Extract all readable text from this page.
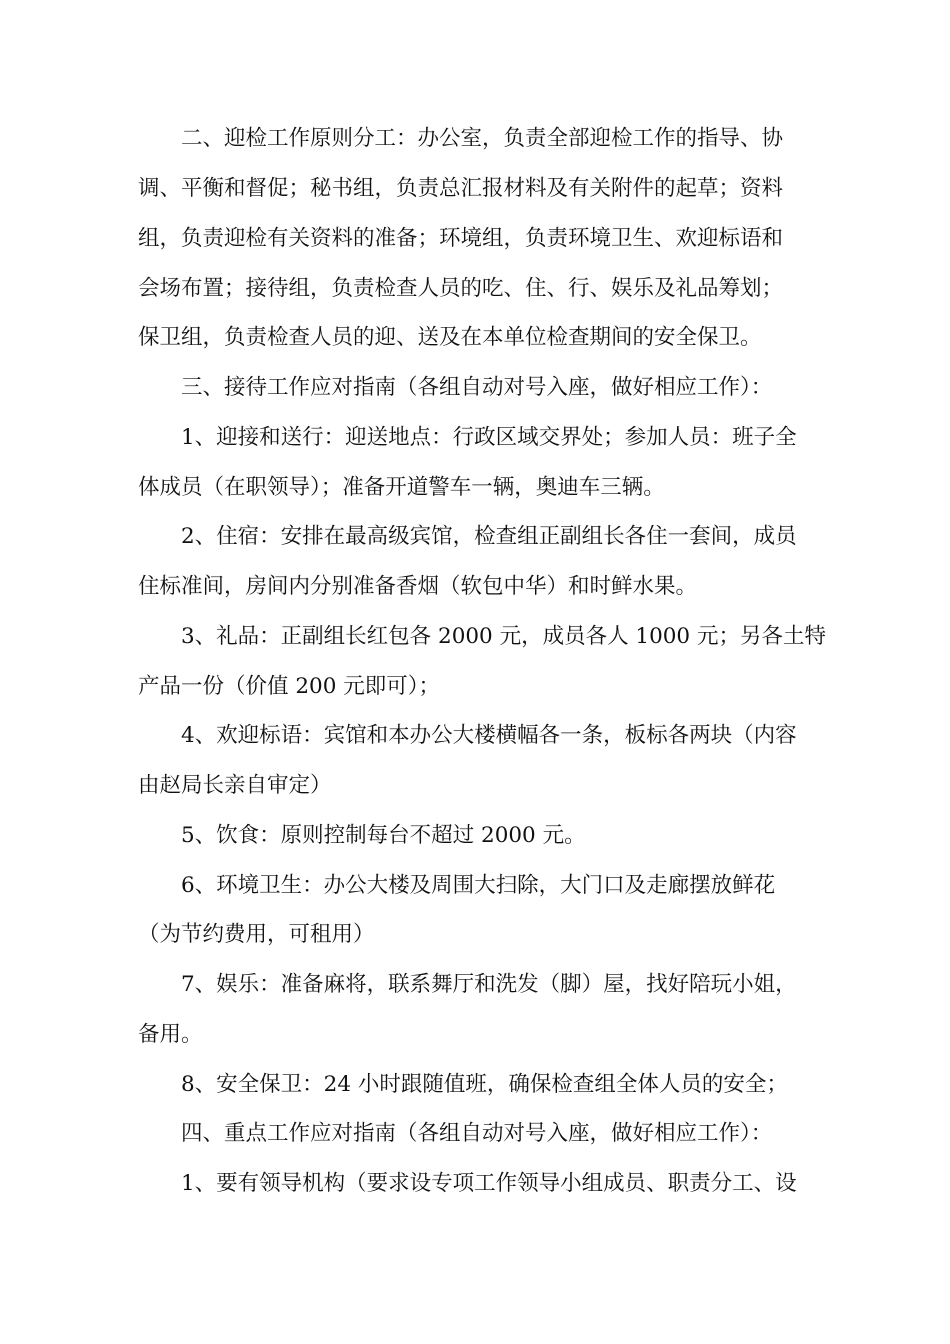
　　二、迎检工作原则分工：办公室，负责全部迎检工作的指导、协
调、平衡和督促；秘书组，负责总汇报材料及有关附件的起草；资料
组，负责迎检有关资料的准备；环境组，负责环境卫生、欢迎标语和
会场布置；接待组，负责检查人员的吃、住、行、娱乐及礼品筹划；
保卫组，负责检查人员的迎、送及在本单位检查期间的安全保卫。
　　三、接待工作应对指南（各组自动对号入座，做好相应工作）：
　　1、迎接和送行：迎送地点：行政区域交界处；参加人员：班子全
体成员（在职领导）；准备开道警车一辆，奥迪车三辆。
　　2、住宿：安排在最高级宾馆，检查组正副组长各住一套间，成员
住标准间，房间内分别准备香烟（软包中华）和时鲜水果。
　　3、礼品：正副组长红包各 2000 元，成员各人 1000 元；另各土特
产品一份（价值 200 元即可）；
　　4、欢迎标语：宾馆和本办公大楼横幅各一条，板标各两块（内容
由赵局长亲自审定）
　　5、饮食：原则控制每台不超过 2000 元。
　　6、环境卫生：办公大楼及周围大扫除，大门口及走廊摆放鲜花
（为节约费用，可租用）
　　7、娱乐：准备麻将，联系舞厅和洗发（脚）屋，找好陪玩小姐，
备用。
　　8、安全保卫：24 小时跟随值班，确保检查组全体人员的安全；
　　四、重点工作应对指南（各组自动对号入座，做好相应工作）：
　　1、要有领导机构（要求设专项工作领导小组成员、职责分工、设
